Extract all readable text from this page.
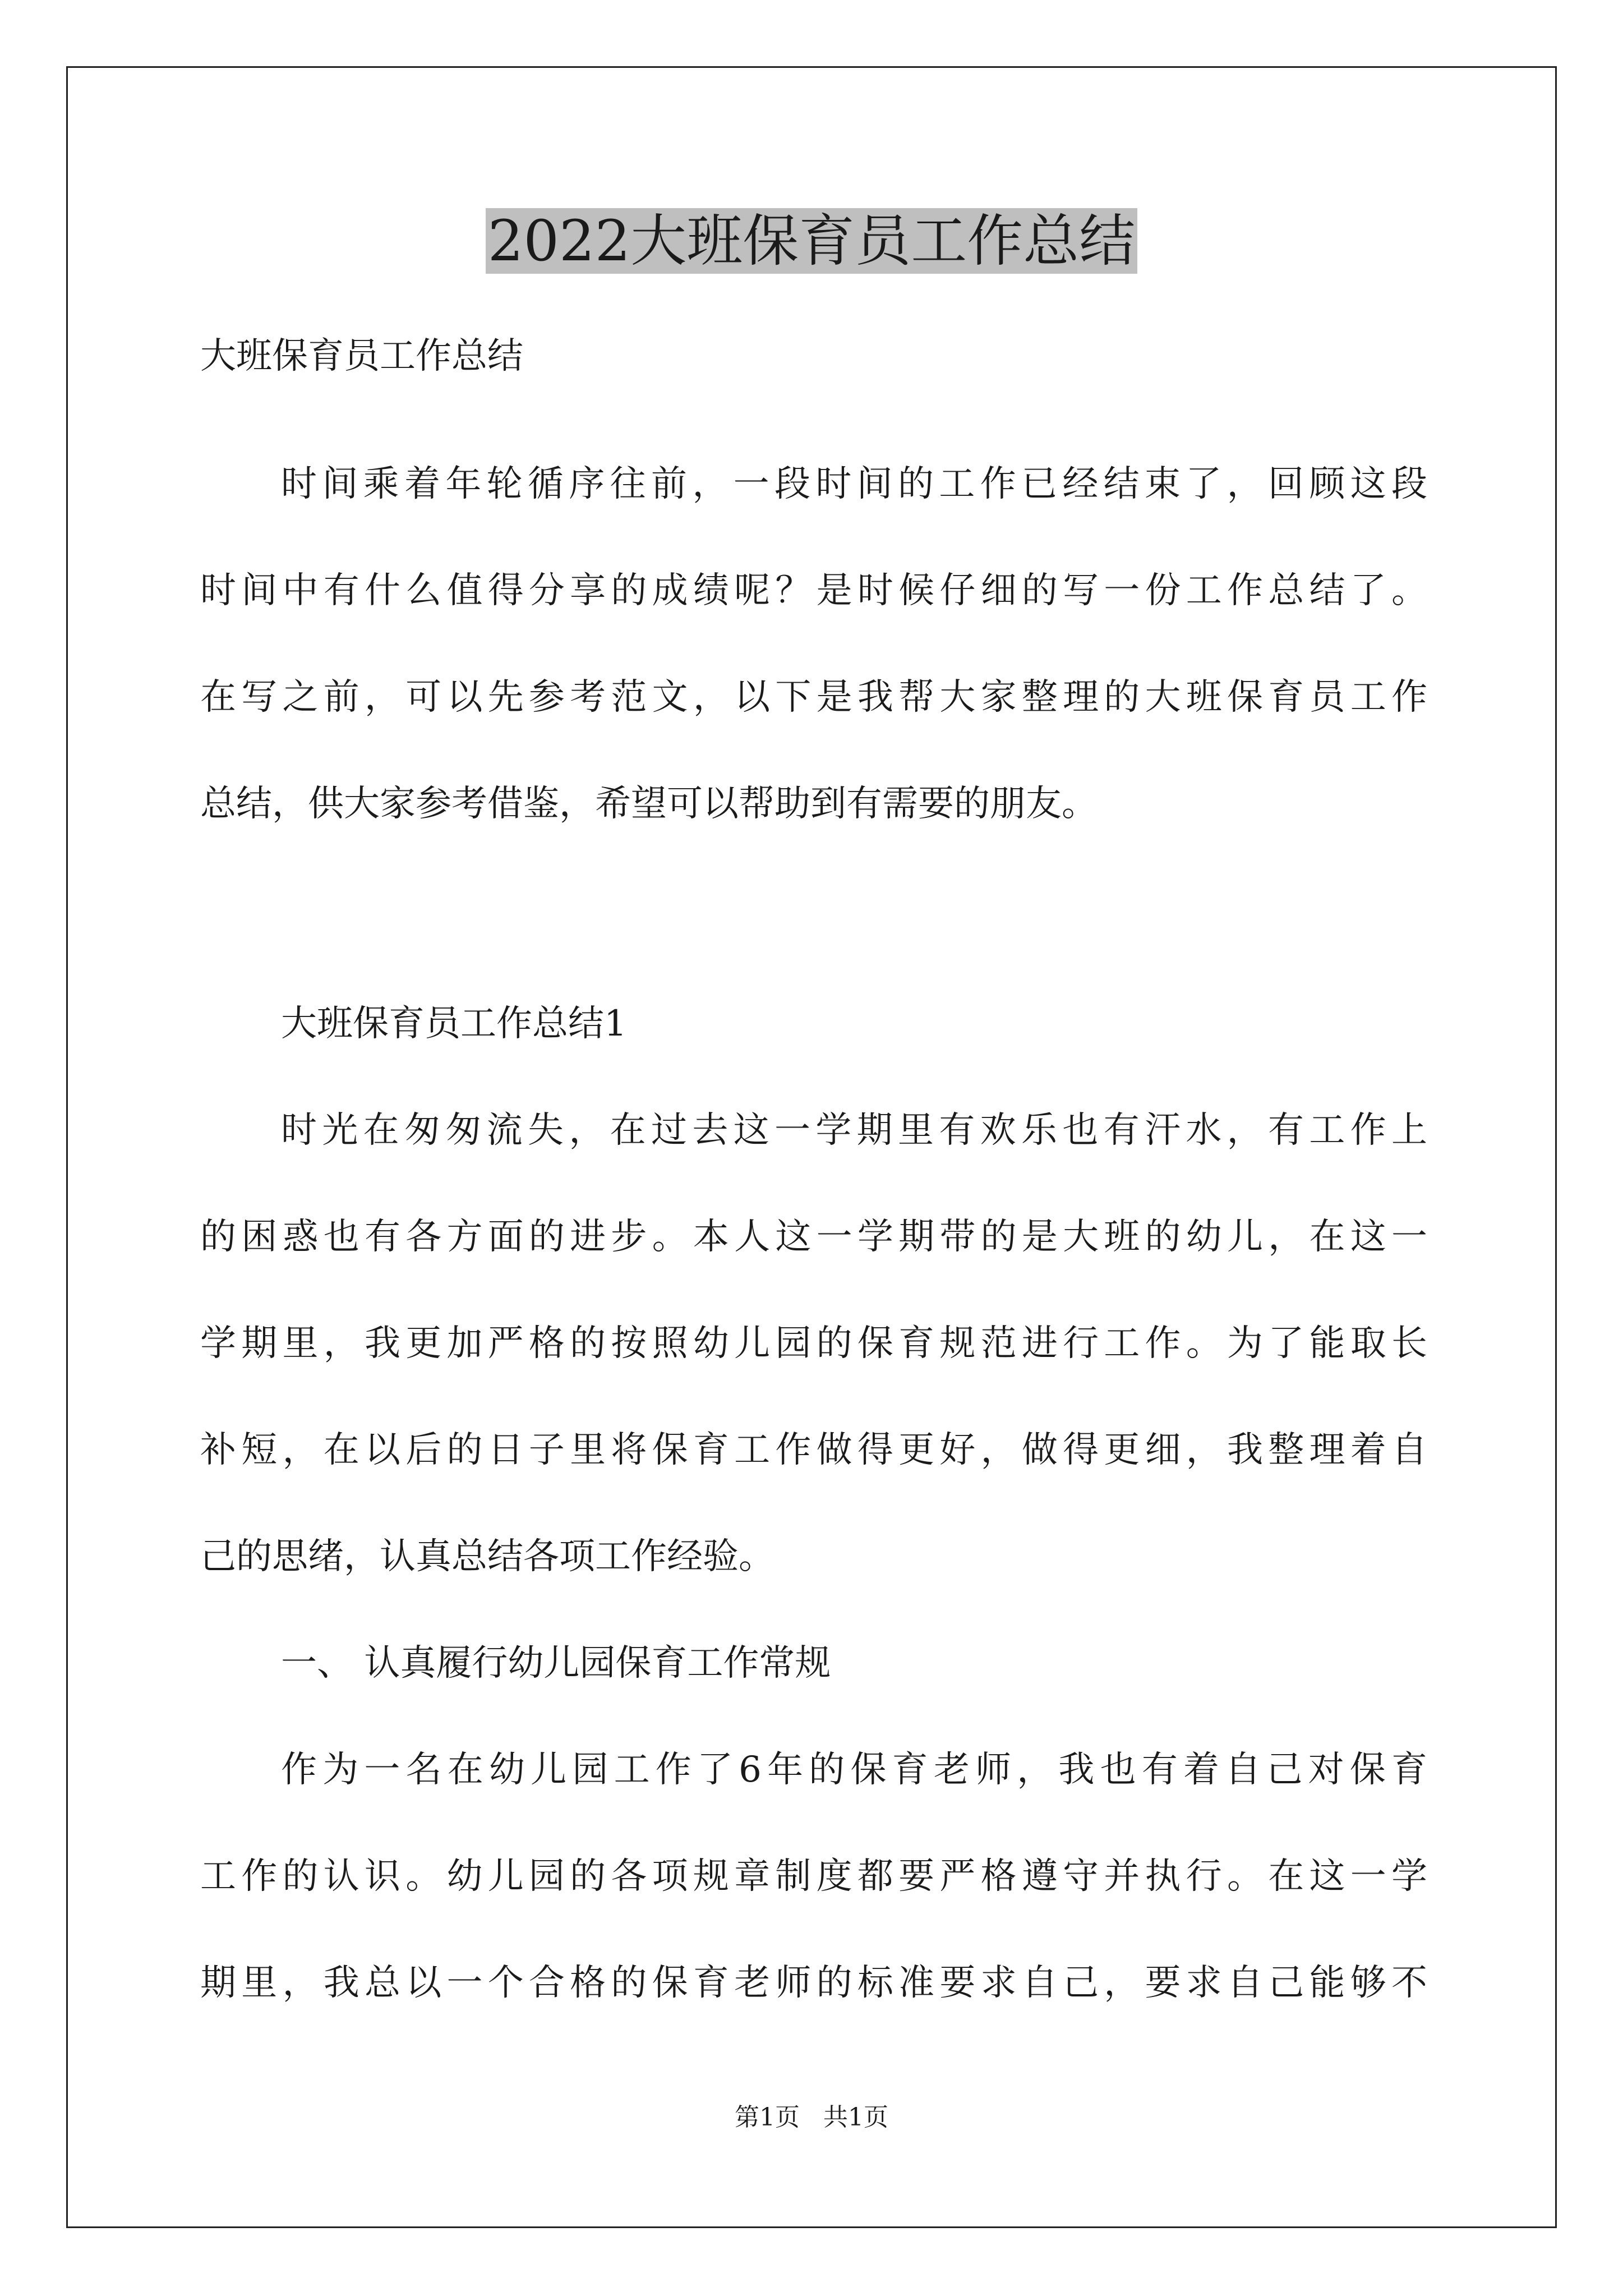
2022大班保育员工作总结
大班保育员工作总结
时间乘着年轮循序往前，一段时间的工作已经结束了，回顾这段
时间中有什么值得分享的成绩呢？是时候仔细的写一份工作总结了。
在写之前，可以先参考范文，以下是我帮大家整理的大班保育员工作
总结，供大家参考借鉴，希望可以帮助到有需要的朋友。
大班保育员工作总结1
时光在匆匆流失，在过去这一学期里有欢乐也有汗水，有工作上
的困惑也有各方面的进步。本人这一学期带的是大班的幼儿，在这一
学期里，我更加严格的按照幼儿园的保育规范进行工作。为了能取长
补短，在以后的日子里将保育工作做得更好，做得更细，我整理着自
己的思绪，认真总结各项工作经验。
一、 认真履行幼儿园保育工作常规
作为一名在幼儿园工作了6年的保育老师，我也有着自己对保育
工作的认识。幼儿园的各项规章制度都要严格遵守并执行。在这一学
期里，我总以一个合格的保育老师的标准要求自己，要求自己能够不
第1页   共1页
